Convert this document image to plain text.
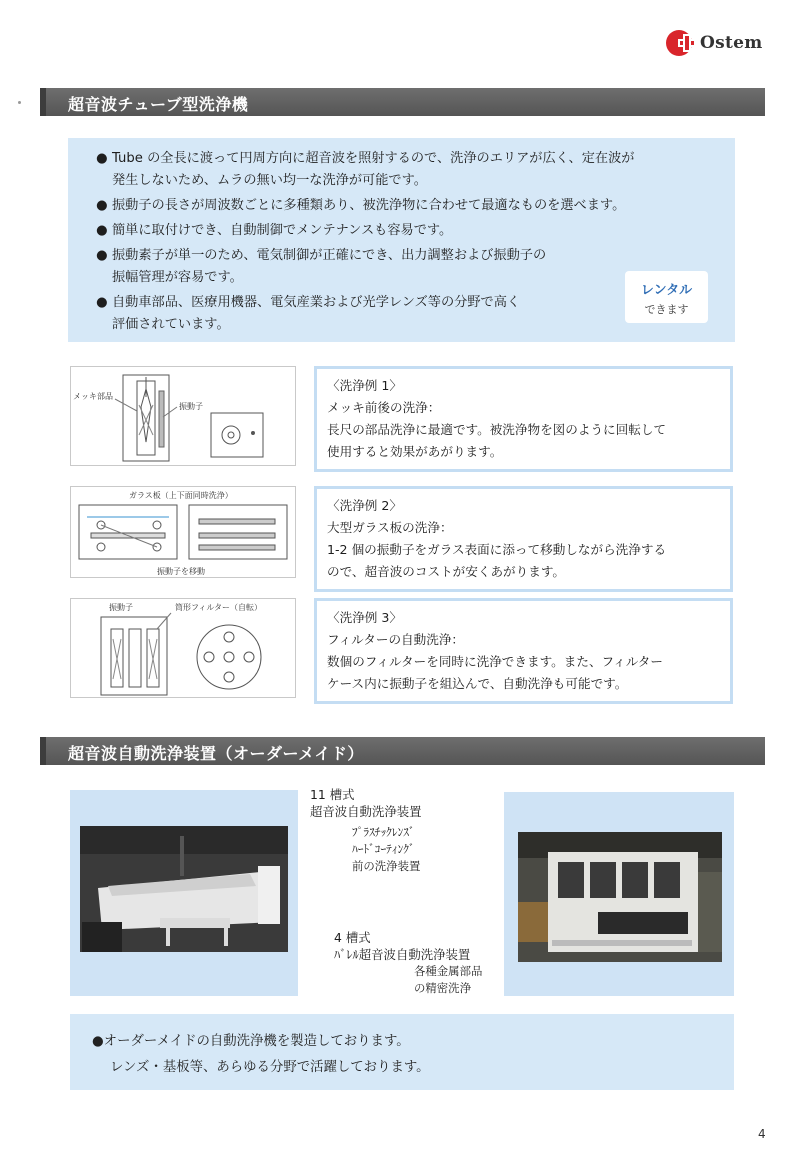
Ostem
超音波チューブ型洗浄機
● Tube の全長に渡って円周方向に超音波を照射するので、洗浄のエリアが広く、定在波が
発生しないため、ムラの無い均一な洗浄が可能です。
● 振動子の長さが周波数ごとに多種類あり、被洗浄物に合わせて最適なものを選べます。
● 簡単に取付けでき、自動制御でメンテナンスも容易です。
● 振動素子が単一のため、電気制御が正確にでき、出力調整および振動子の
振幅管理が容易です。
● 自動車部品、医療用機器、電気産業および光学レンズ等の分野で高く
評価されています。
レンタル
できます
メッキ部品
振動子
〈洗浄例 1〉
メッキ前後の洗浄：
長尺の部品洗浄に最適です。被洗浄物を図のように回転して
使用すると効果があがります。
ガラス板（上下面同時洗浄）
振動子を移動
〈洗浄例 2〉
大型ガラス板の洗浄：
1-2 個の振動子をガラス表面に添って移動しながら洗浄する
ので、超音波のコストが安くあがります。
振動子	筒形フィルター（自転）
〈洗浄例 3〉
フィルターの自動洗浄：
数個のフィルターを同時に洗浄できます。また、フィルター
ケース内に振動子を組込んで、自動洗浄も可能です。
超音波自動洗浄装置（オーダーメイド）
11 槽式
超音波自動洗浄装置
ﾌﾟﾗｽﾁｯｸﾚﾝｽﾞ
ﾊｰﾄﾞｺｰﾃｨﾝｸﾞ
前の洗浄装置
4 槽式
ﾊﾞﾚﾙ超音波自動洗浄装置
各種金属部品
の精密洗浄
●オーダーメイドの自動洗浄機を製造しております。
レンズ・基板等、あらゆる分野で活躍しております。
4
